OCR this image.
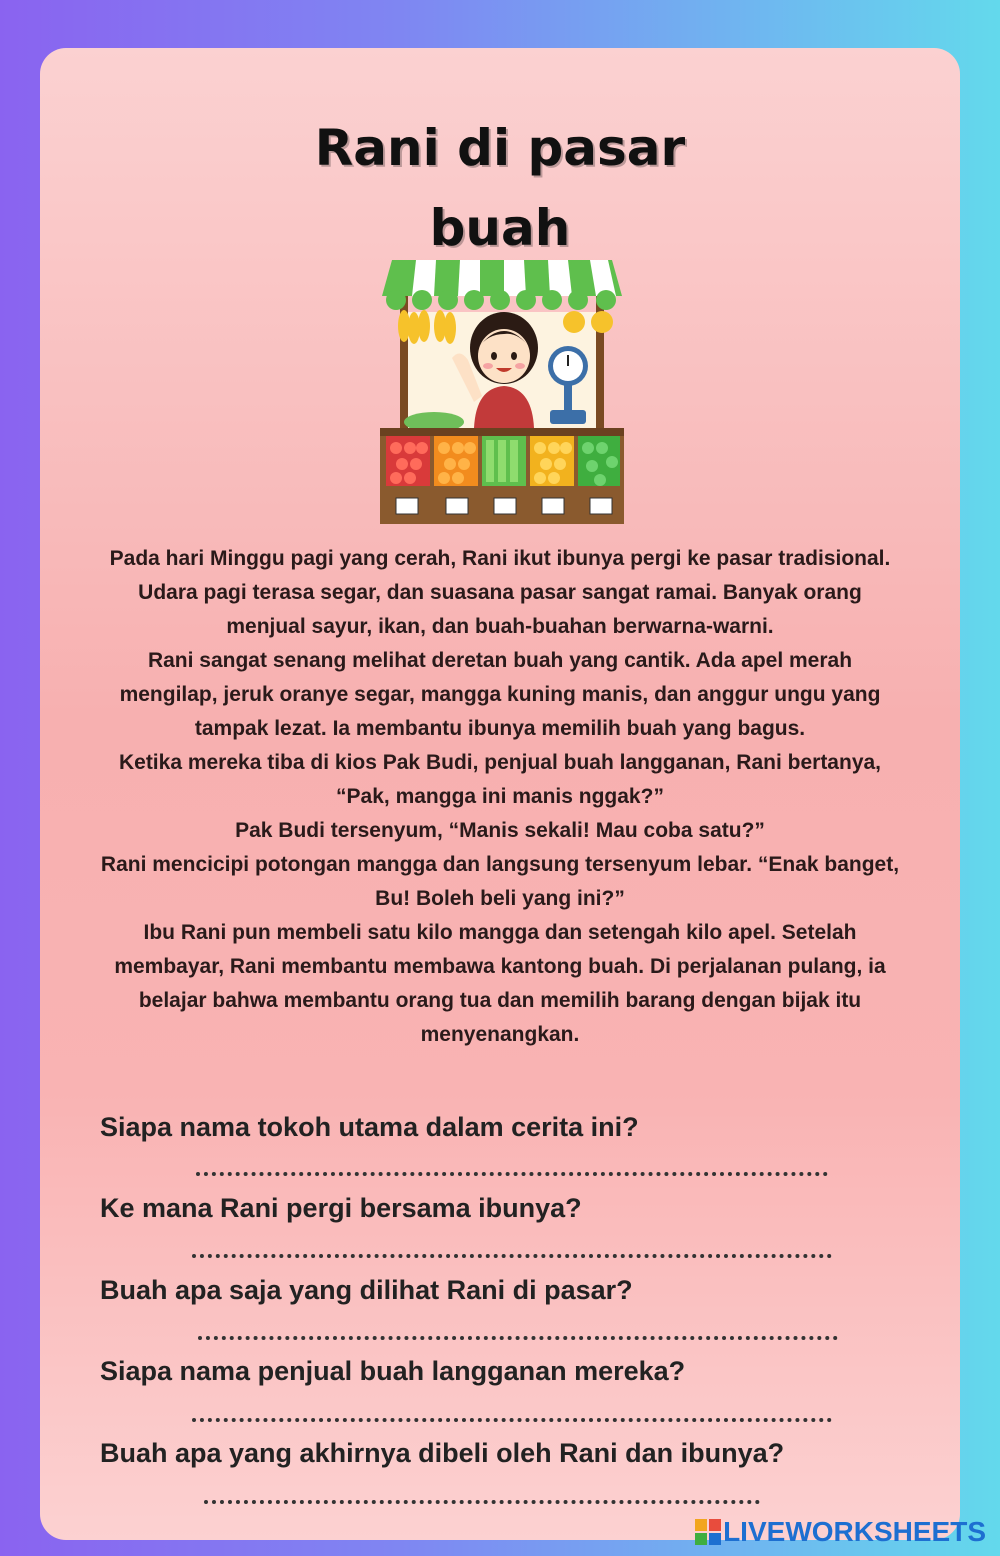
Rani di pasar
buah

Pada hari Minggu pagi yang cerah, Rani ikut ibunya pergi ke pasar tradisional.

Udara pagi terasa segar, dan suasana pasar sangat ramai. Banyak orang

menjual sayur, ikan, dan buah-buahan berwarna-warni.

Rani sangat senang melihat deretan buah yang cantik. Ada apel merah

mengilap, jeruk oranye segar, mangga kuning manis, dan anggur ungu yang

tampak lezat. Ia membantu ibunya memilih buah yang bagus.

Ketika mereka tiba di kios Pak Budi, penjual buah langganan, Rani bertanya,

“Pak, mangga ini manis nggak?”

Pak Budi tersenyum, “Manis sekali! Mau coba satu?”

Rani mencicipi potongan mangga dan langsung tersenyum lebar. “Enak banget,

Bu! Boleh beli yang ini?”

Ibu Rani pun membeli satu kilo mangga dan setengah kilo apel. Setelah

membayar, Rani membantu membawa kantong buah. Di perjalanan pulang, ia

belajar bahwa membantu orang tua dan memilih barang dengan bijak itu

menyenangkan.

Siapa nama tokoh utama dalam cerita ini?
Ke mana Rani pergi bersama ibunya?
Buah apa saja yang dilihat Rani di pasar?
Siapa nama penjual buah langganan mereka?
Buah apa yang akhirnya dibeli oleh Rani dan ibunya?
LIVEWORKSHEETS
